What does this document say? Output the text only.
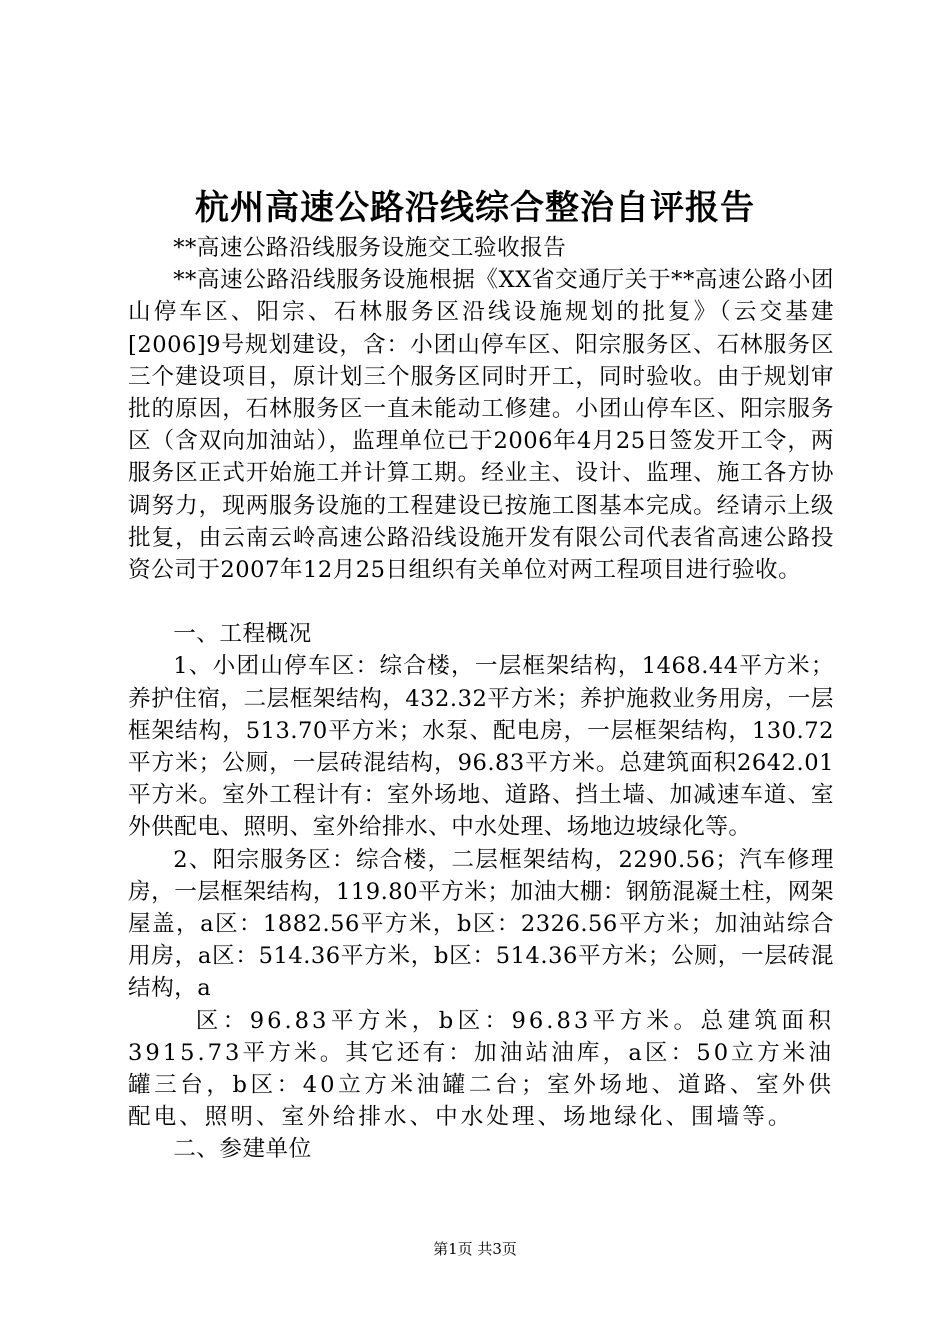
杭州高速公路沿线综合整治自评报告

**高速公路沿线服务设施交工验收报告

**高速公路沿线服务设施根据《XX省交通厅关于**高速公路小团山停车区、阳宗、石林服务区沿线设施规划的批复》（云交基建[2006]9号规划建设，含：小团山停车区、阳宗服务区、石林服务区三个建设项目，原计划三个服务区同时开工，同时验收。由于规划审批的原因，石林服务区一直未能动工修建。小团山停车区、阳宗服务区（含双向加油站），监理单位已于2006年4月25日签发开工令，两服务区正式开始施工并计算工期。经业主、设计、监理、施工各方协调努力，现两服务设施的工程建设已按施工图基本完成。经请示上级批复，由云南云岭高速公路沿线设施开发有限公司代表省高速公路投资公司于2007年12月25日组织有关单位对两工程项目进行验收。

一、工程概况

1、小团山停车区：综合楼，一层框架结构，1468.44平方米；养护住宿，二层框架结构，432.32平方米；养护施救业务用房，一层框架结构，513.70平方米；水泵、配电房，一层框架结构，130.72平方米；公厕，一层砖混结构，96.83平方米。总建筑面积2642.01平方米。室外工程计有：室外场地、道路、挡土墙、加减速车道、室外供配电、照明、室外给排水、中水处理、场地边坡绿化等。

2、阳宗服务区：综合楼，二层框架结构，2290.56；汽车修理房，一层框架结构，119.80平方米；加油大棚：钢筋混凝土柱，网架屋盖，a区：1882.56平方米，b区：2326.56平方米；加油站综合用房，a区：514.36平方米，b区：514.36平方米；公厕，一层砖混结构，a

区：96.83平方米，b区：96.83平方米。总建筑面积3915.73平方米。其它还有：加油站油库，a区：50立方米油罐三台，b区：40立方米油罐二台；室外场地、道路、室外供配电、照明、室外给排水、中水处理、场地绿化、围墙等。

二、参建单位

第1页 共3页
